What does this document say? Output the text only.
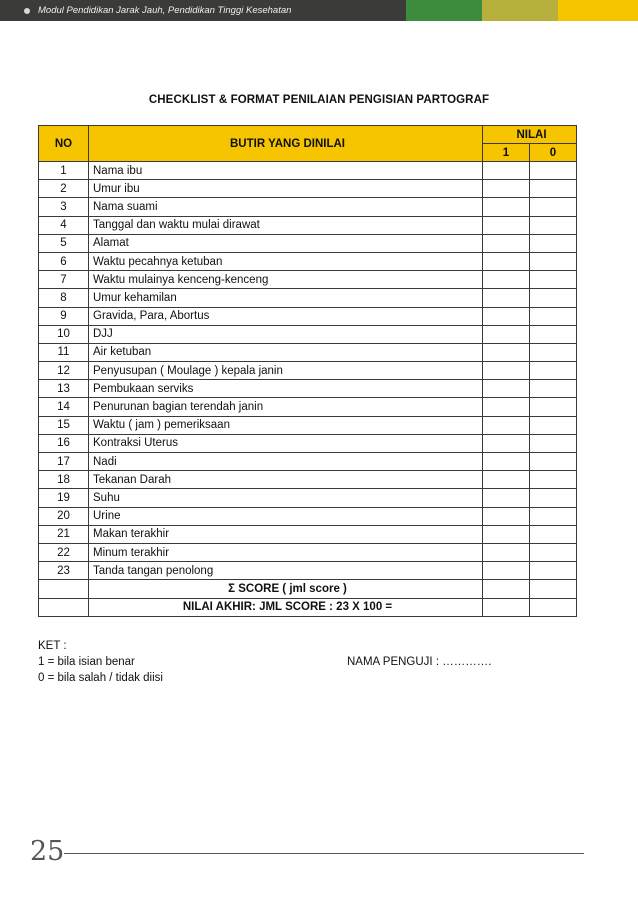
Modul Pendidikan Jarak Jauh, Pendidikan Tinggi Kesehatan
CHECKLIST & FORMAT PENILAIAN PENGISIAN PARTOGRAF
NO	BUTIR YANG DINILAI	NILAI	
		1	0
1	Nama ibu		
2	Umur ibu		
3	Nama suami		
4	Tanggal dan waktu mulai dirawat		
5	Alamat		
6	Waktu pecahnya ketuban		
7	Waktu mulainya kenceng-kenceng		
8	Umur kehamilan		
9	Gravida, Para, Abortus		
10	DJJ		
11	Air ketuban		
12	Penyusupan ( Moulage ) kepala janin		
13	Pembukaan serviks		
14	Penurunan bagian terendah janin		
15	Waktu ( jam ) pemeriksaan		
16	Kontraksi Uterus		
17	Nadi		
18	Tekanan Darah		
19	Suhu		
20	Urine		
21	Makan terakhir		
22	Minum terakhir		
23	Tanda tangan penolong		
	Σ SCORE ( jml score )		
	NILAI AKHIR: JML SCORE : 23 X 100 =		
KET :
1 = bila isian benar
0 = bila salah / tidak diisi
NAMA PENGUJI : ………….
25
